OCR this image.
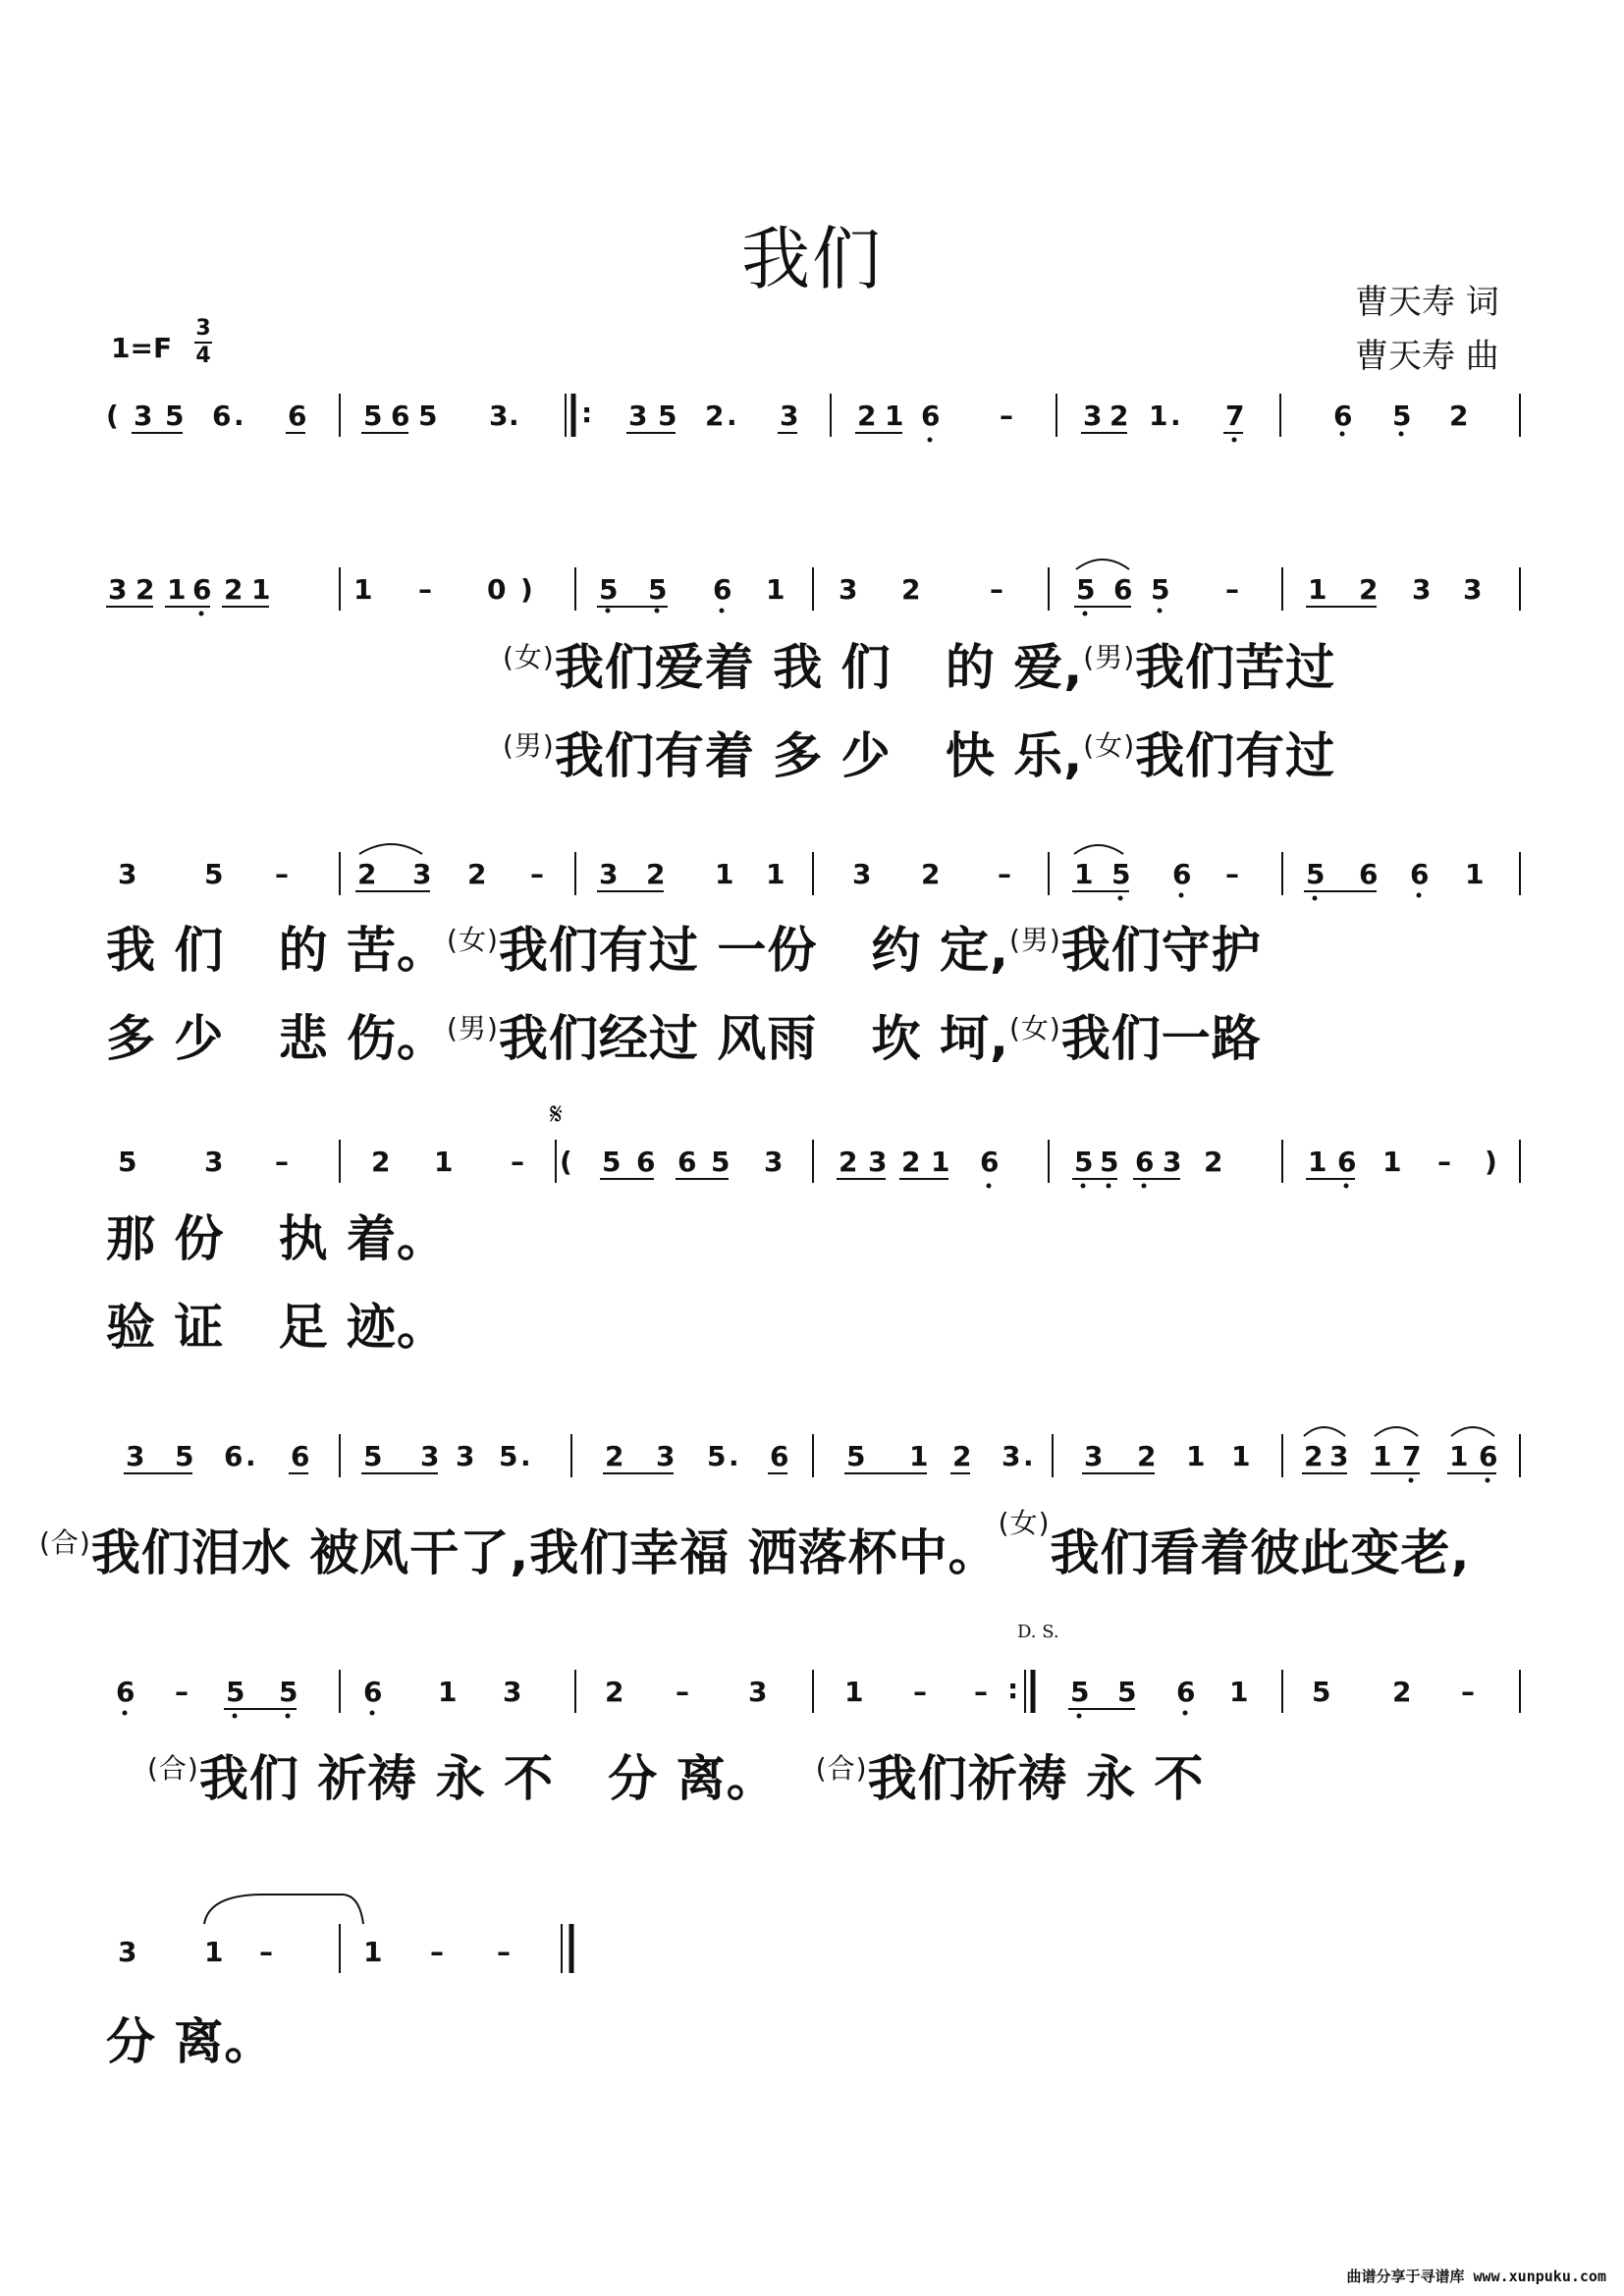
我们
曹天寿 词
曹天寿 曲
1=F
3
4
( 3 5 6 . 6 5 6 5 3 . : 3 5 2 . 3 2 1 6 –	3 2 1 . 7	6 5 2
3 2 1 6 2 1	1 – 0 ) 5 5 6 1 3 2	–	5 6 5 –	1 2 3 3
$^{(女)}$我们爱着 我 们   的 爱,$^{(男)}$我们苦过
$^{(男)}$我们有着 多 少   快 乐,$^{(女)}$我们有过
3 5 –	2 3 2 – 3 2 1 1 3 2 – 1 5 6 – 5 6 6 1
我 们   的 苦。$^{(女)}$我们有过 一份   约 定,$^{(男)}$我们守护
多 少   悲 伤。$^{(男)}$我们经过 风雨   坎 坷,$^{(女)}$我们一路
𝄋
5 3 –	2 1 – ( 5 6 6 5 3 2 3 2 1 6	5 5 6 3 2	1 6 1 – )
那 份   执 着。
验 证   足 迹。
3 5 6 . 6 5 3 3 5 .	2 3 5 . 6 5 1 2 3 . 3 2 1 1 2 3 1 7 1 6
$^{(合)}$我们泪水 被风干了,我们幸福 洒落杯中。$^{(女)}$我们看着彼此变老,
D. S.
6 – 5 5 6 1 3	2 – 3	1 – – : 5 5 6 1 5 2 –
$^{(合)}$我们 祈祷 永 不   分 离。 $^{(合)}$我们祈祷 永 不
3 1 –	1 – –
分 离。
曲谱分享于寻谱库 www.xunpuku.com
